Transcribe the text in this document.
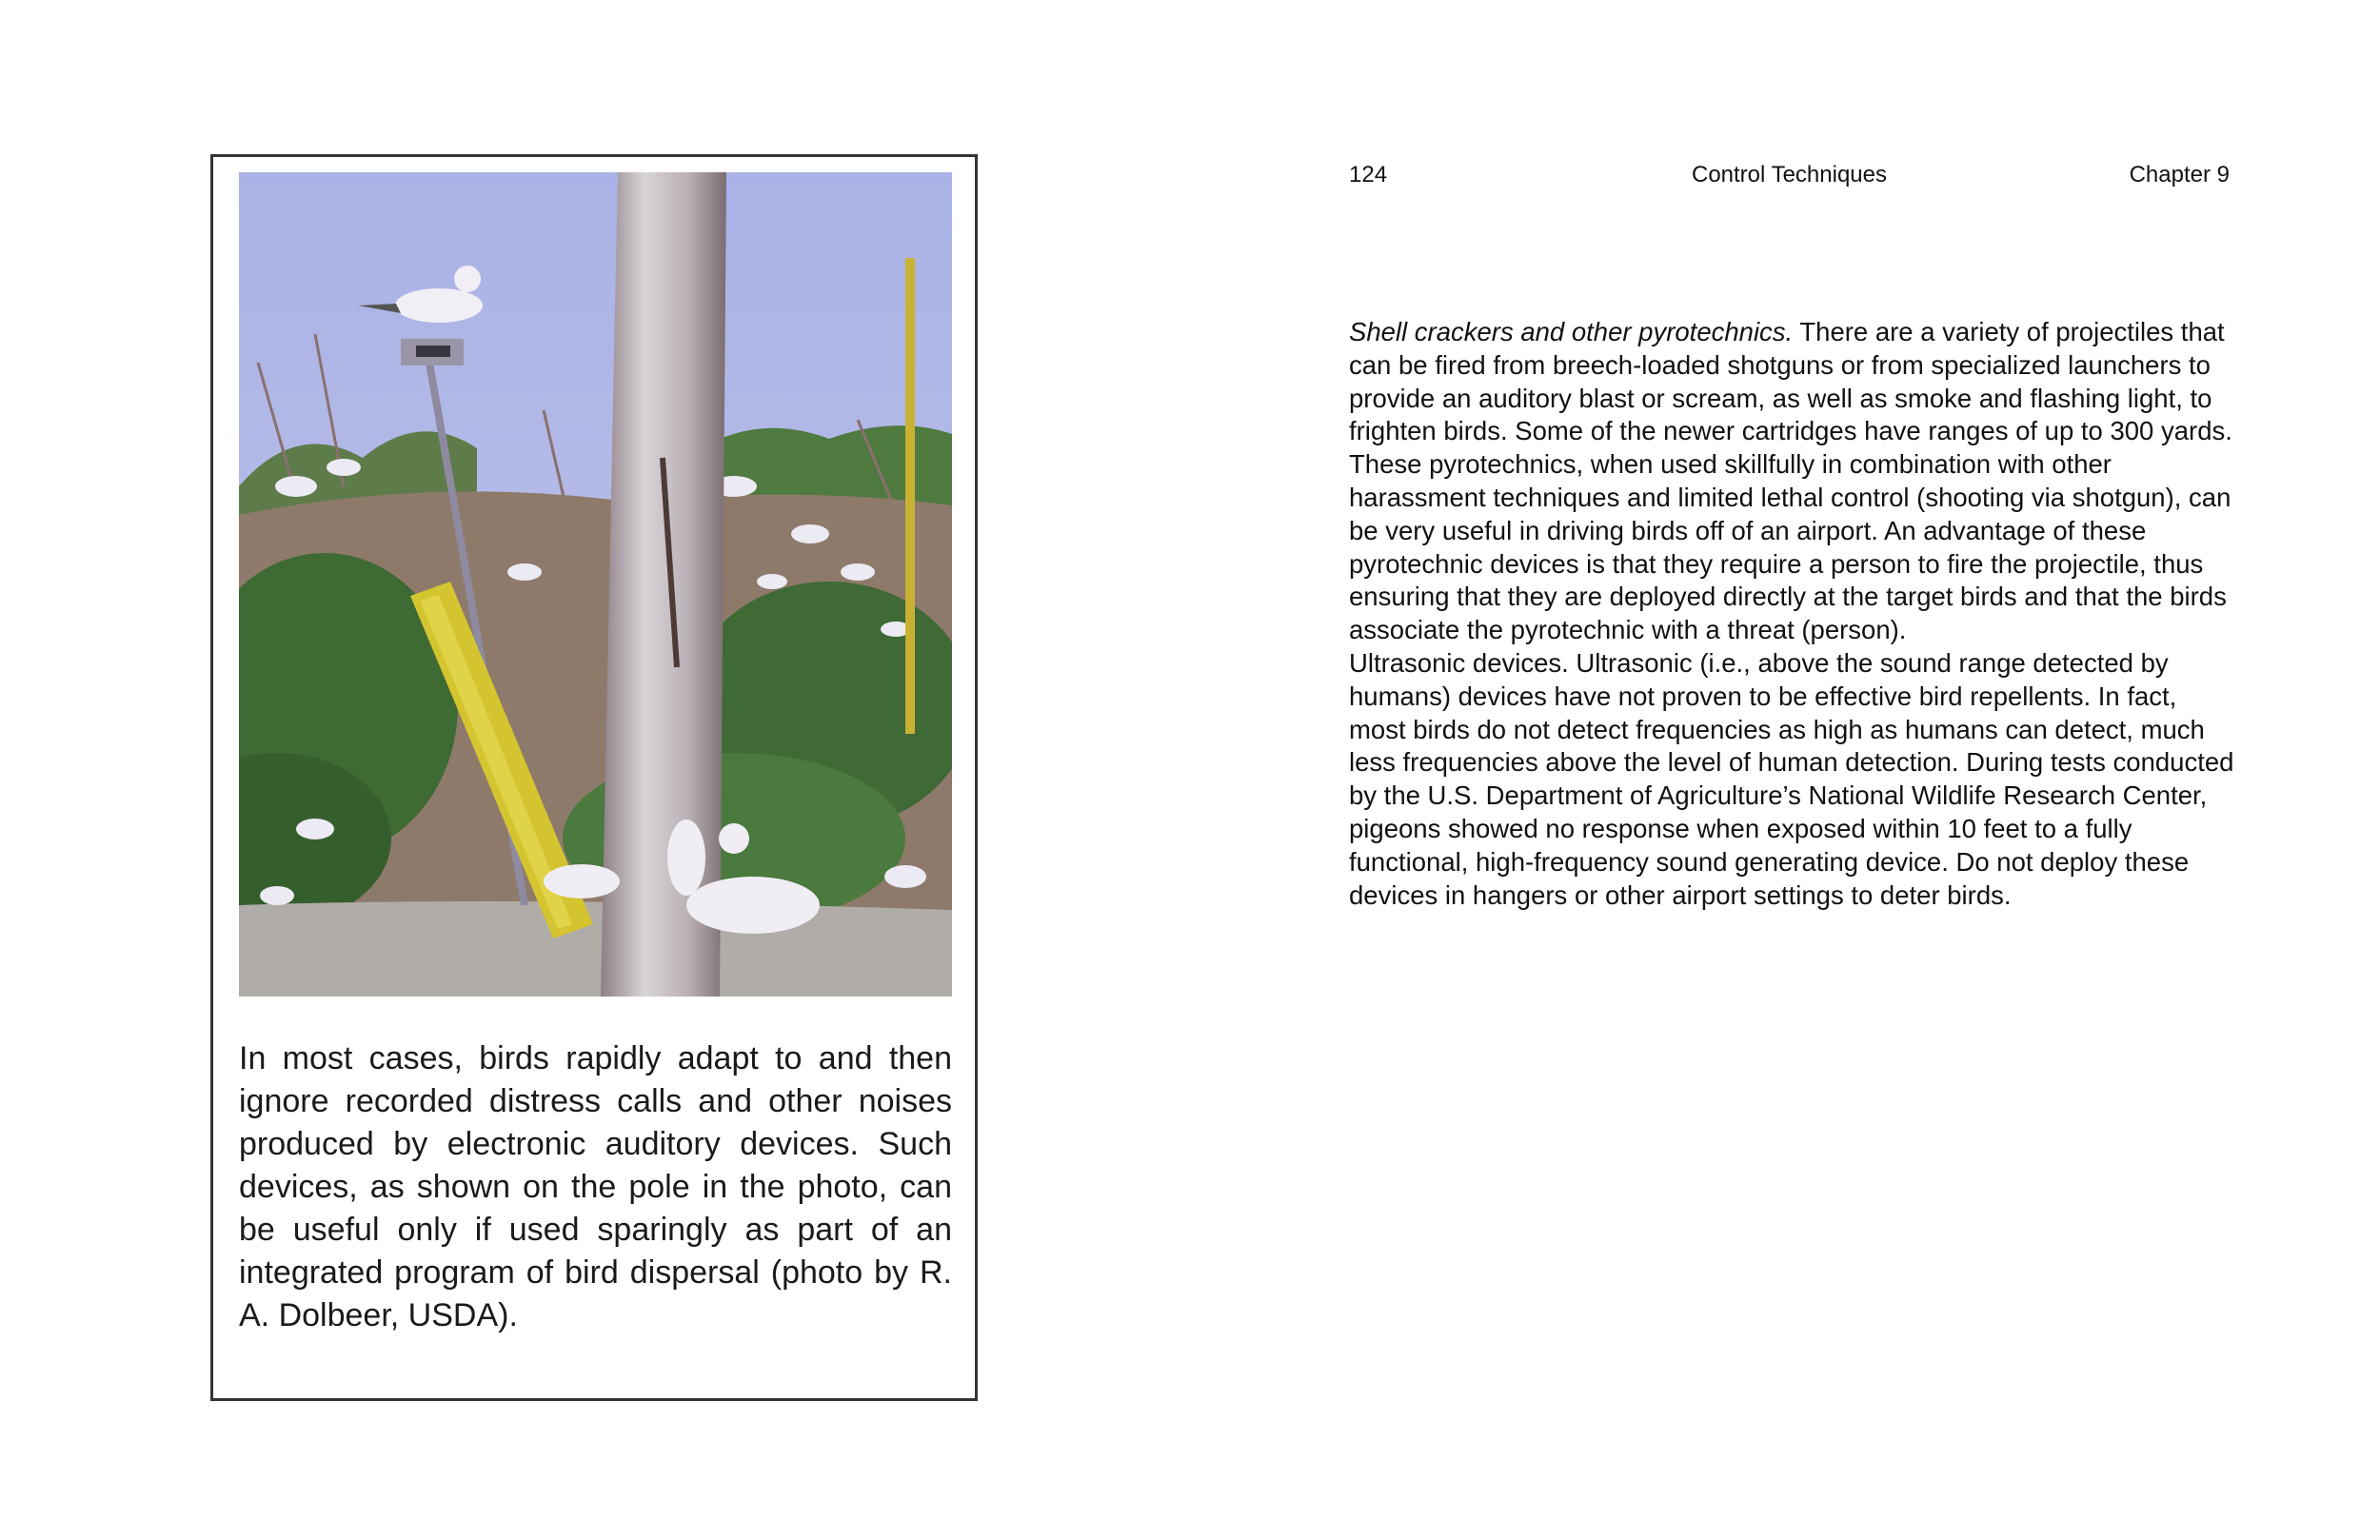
In most cases, birds rapidly adapt to and then ignore recorded distress calls and other noises produced by electronic auditory devices. Such devices, as shown on the pole in the photo, can be useful only if used sparingly as part of an integrated program of bird dispersal (photo by R. A. Dolbeer, USDA).
124	Control Techniques	Chapter 9

Shell crackers and other pyrotechnics. There are a variety of projectiles that can be fired from breech-loaded shotguns or from specialized launchers to provide an auditory blast or scream, as well as smoke and flashing light, to frighten birds. Some of the newer cartridges have ranges of up to 300 yards. These pyrotechnics, when used skillfully in combination with other harassment techniques and limited lethal control (shooting via shotgun), can be very useful in driving birds off of an airport. An advantage of these pyrotechnic devices is that they require a person to fire the projectile, thus ensuring that they are deployed directly at the target birds and that the birds associate the pyrotechnic with a threat (person).

Ultrasonic devices. Ultrasonic (i.e., above the sound range detected by humans) devices have not proven to be effective bird repellents. In fact, most birds do not detect frequencies as high as humans can detect, much less frequencies above the level of human detection. During tests conducted by the U.S. Department of Agriculture’s National Wildlife Research Center, pigeons showed no response when exposed within 10 feet to a fully functional, high-frequency sound generating device. Do not deploy these devices in hangers or other airport settings to deter birds.
